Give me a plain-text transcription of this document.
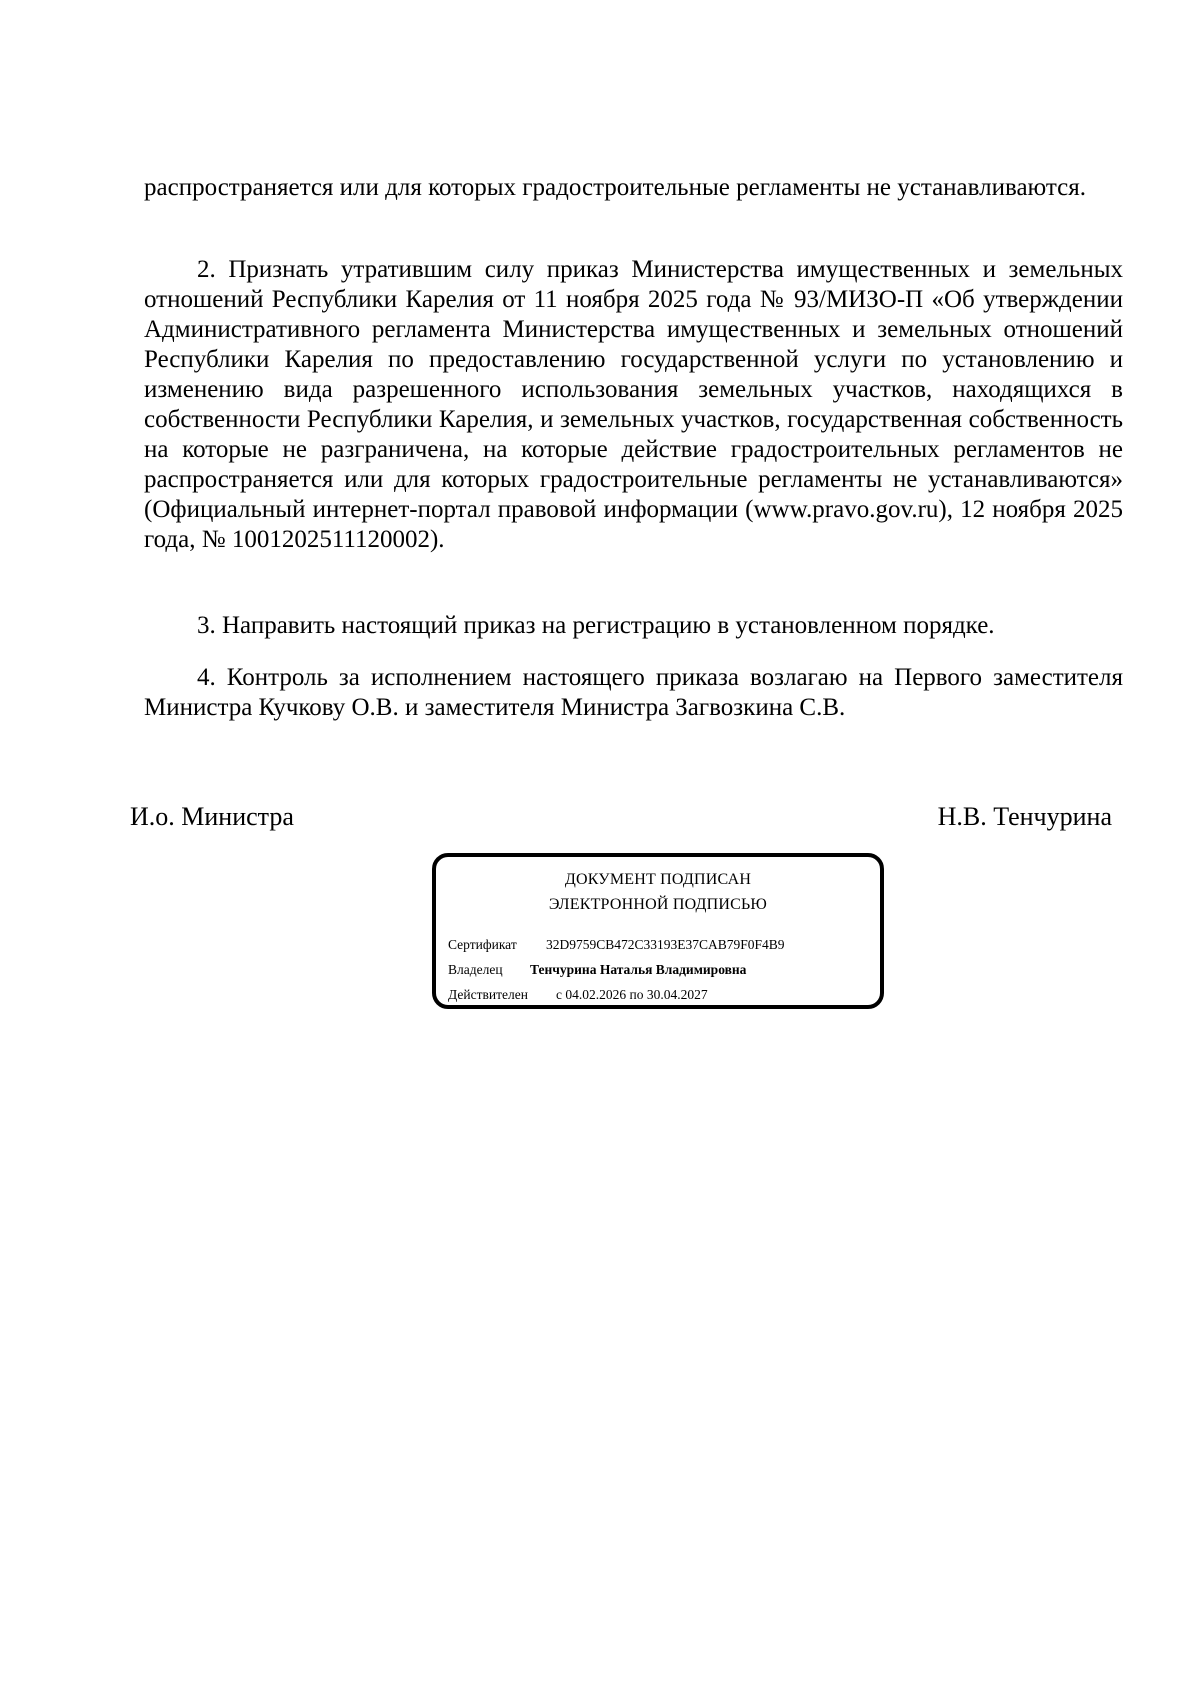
распространяется или для которых градостроительные регламенты не устанавливаются.

2. Признать утратившим силу приказ Министерства имущественных и земельных отношений Республики Карелия от 11 ноября 2025 года № 93/МИЗО-П «Об утверждении Административного регламента Министерства имущественных и земельных отношений Республики Карелия по предоставлению государственной услуги по установлению и изменению вида разрешенного использования земельных участков, находящихся в собственности Республики Карелия, и земельных участков, государственная собственность на которые не разграничена, на которые действие градостроительных регламентов не распространяется или для которых градостроительные регламенты не устанавливаются» (Официальный интернет-портал правовой информации (www.pravo.gov.ru), 12 ноября 2025 года, № 1001202511120002).

3. Направить настоящий приказ на регистрацию в установленном порядке.

4. Контроль за исполнением настоящего приказа возлагаю на Первого заместителя Министра Кучкову О.В. и заместителя Министра Загвозкина С.В.

И.о. Министра	Н.В. Тенчурина
ДОКУМЕНТ ПОДПИСАН
ЭЛЕКТРОННОЙ ПОДПИСЬЮ
Сертификат 32D9759CB472C33193E37CAB79F0F4B9
Владелец Тенчурина Наталья Владимировна
Действителен с 04.02.2026 по 30.04.2027
